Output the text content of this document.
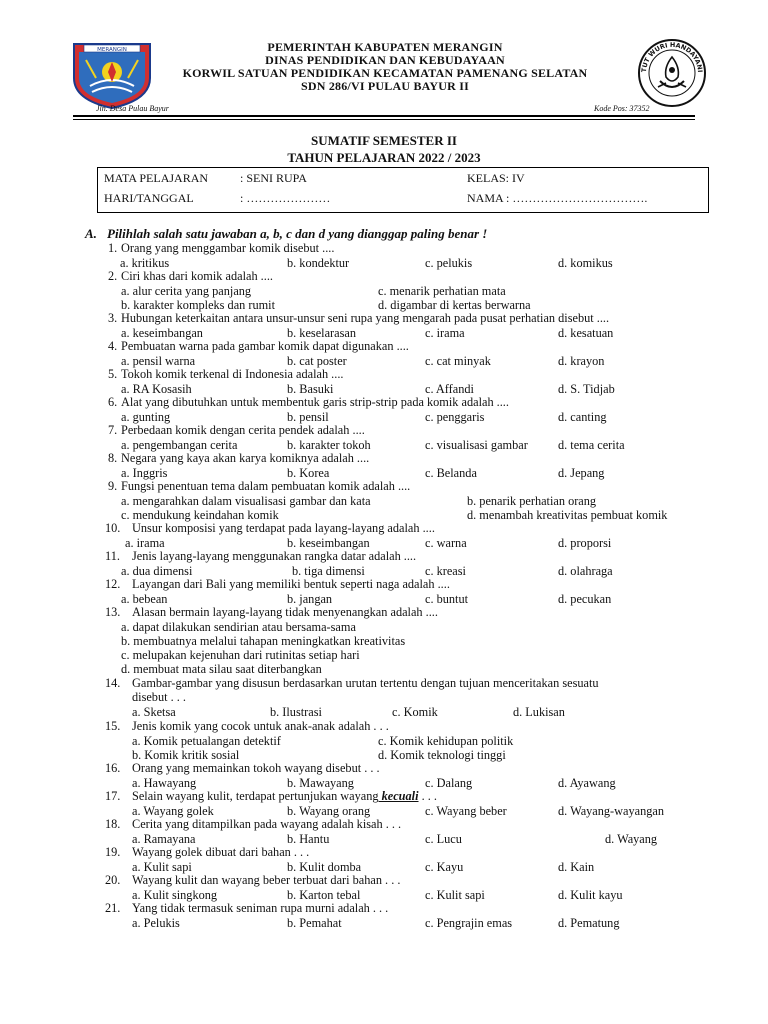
MERANGIN	PEMERINTAH KABUPATEN MERANGIN
DINAS PENDIDIKAN DAN KEBUDAYAAN
KORWIL SATUAN PENDIDIKAN KECAMATAN PAMENANG SELATAN
SDN 286/VI PULAU BAYUR II
TUT WURI HANDAYANI
Jln. Desa Pulau Bayur	Kode Pos: 37352
SUMATIF SEMESTER II
TAHUN PELAJARAN 2022 / 2023
MATA PELAJARAN	: SENI RUPA	KELAS: IV
HARI/TANGGAL	: …………………	NAMA : …………………………….
A. Pilihlah salah satu jawaban a, b, c dan d yang dianggap paling benar !
1. Orang yang menggambar komik disebut ....
a. kritikus	b. kondektur	c. pelukis	d. komikus
2. Ciri khas dari komik adalah ....
a. alur cerita yang panjang	c. menarik perhatian mata
b. karakter kompleks dan rumit	d. digambar di kertas berwarna
3. Hubungan keterkaitan antara unsur-unsur seni rupa yang mengarah pada pusat perhatian disebut ....
a. keseimbangan	b. keselarasan	c. irama	d. kesatuan
4. Pembuatan warna pada gambar komik dapat digunakan ....
a. pensil warna	b. cat poster	c. cat minyak	d. krayon
5. Tokoh komik terkenal di Indonesia adalah ....
a. RA Kosasih	b. Basuki	c. Affandi	d. S. Tidjab
6. Alat yang dibutuhkan untuk membentuk garis strip-strip pada komik adalah ....
a. gunting	b. pensil	c. penggaris	d. canting
7. Perbedaan komik dengan cerita pendek adalah ....
a. pengembangan cerita	b. karakter tokoh	c. visualisasi gambar d. tema cerita
8. Negara yang kaya akan karya komiknya adalah ....
a. Inggris	b. Korea	c. Belanda	d. Jepang
9. Fungsi penentuan tema dalam pembuatan komik adalah ....
a. mengarahkan dalam visualisasi gambar dan kata	b. penarik perhatian orang
c. mendukung keindahan komik	d. menambah kreativitas pembuat komik
10. Unsur komposisi yang terdapat pada layang-layang adalah ....
a. irama	b. keseimbangan	c. warna	d. proporsi
11. Jenis layang-layang menggunakan rangka datar adalah ....
a. dua dimensi	b. tiga dimensi	c. kreasi	d. olahraga
12. Layangan dari Bali yang memiliki bentuk seperti naga adalah ....
a. bebean	b. jangan	c. buntut	d. pecukan
13. Alasan bermain layang-layang tidak menyenangkan adalah ....
a. dapat dilakukan sendirian atau bersama-sama
b. membuatnya melalui tahapan meningkatkan kreativitas
c. melupakan kejenuhan dari rutinitas setiap hari
d. membuat mata silau saat diterbangkan
14. Gambar-gambar yang disusun berdasarkan urutan tertentu dengan tujuan menceritakan sesuatu
disebut . . .
a. Sketsa	b. Ilustrasi	c. Komik	d. Lukisan
15. Jenis komik yang cocok untuk anak-anak adalah . . .
a. Komik petualangan detektif	c. Komik kehidupan politik
b. Komik kritik sosial	d. Komik teknologi tinggi
16. Orang yang memainkan tokoh wayang disebut . . .
a. Hawayang	b. Mawayang	c. Dalang	d. Ayawang
17. Selain wayang kulit, terdapat pertunjukan wayang kecuali . . .
a. Wayang golek	b. Wayang orang	c. Wayang beber	d. Wayang-wayangan
18. Cerita yang ditampilkan pada wayang adalah kisah . . .
a. Ramayana	b. Hantu	c. Lucu	d. Wayang
19. Wayang golek dibuat dari bahan . . .
a. Kulit sapi	b. Kulit domba	c. Kayu	d. Kain
20. Wayang kulit dan wayang beber terbuat dari bahan . . .
a. Kulit singkong	b. Karton tebal	c. Kulit sapi	d. Kulit kayu
21. Yang tidak termasuk seniman rupa murni adalah . . .
a. Pelukis	b. Pemahat	c. Pengrajin emas	d. Pematung
